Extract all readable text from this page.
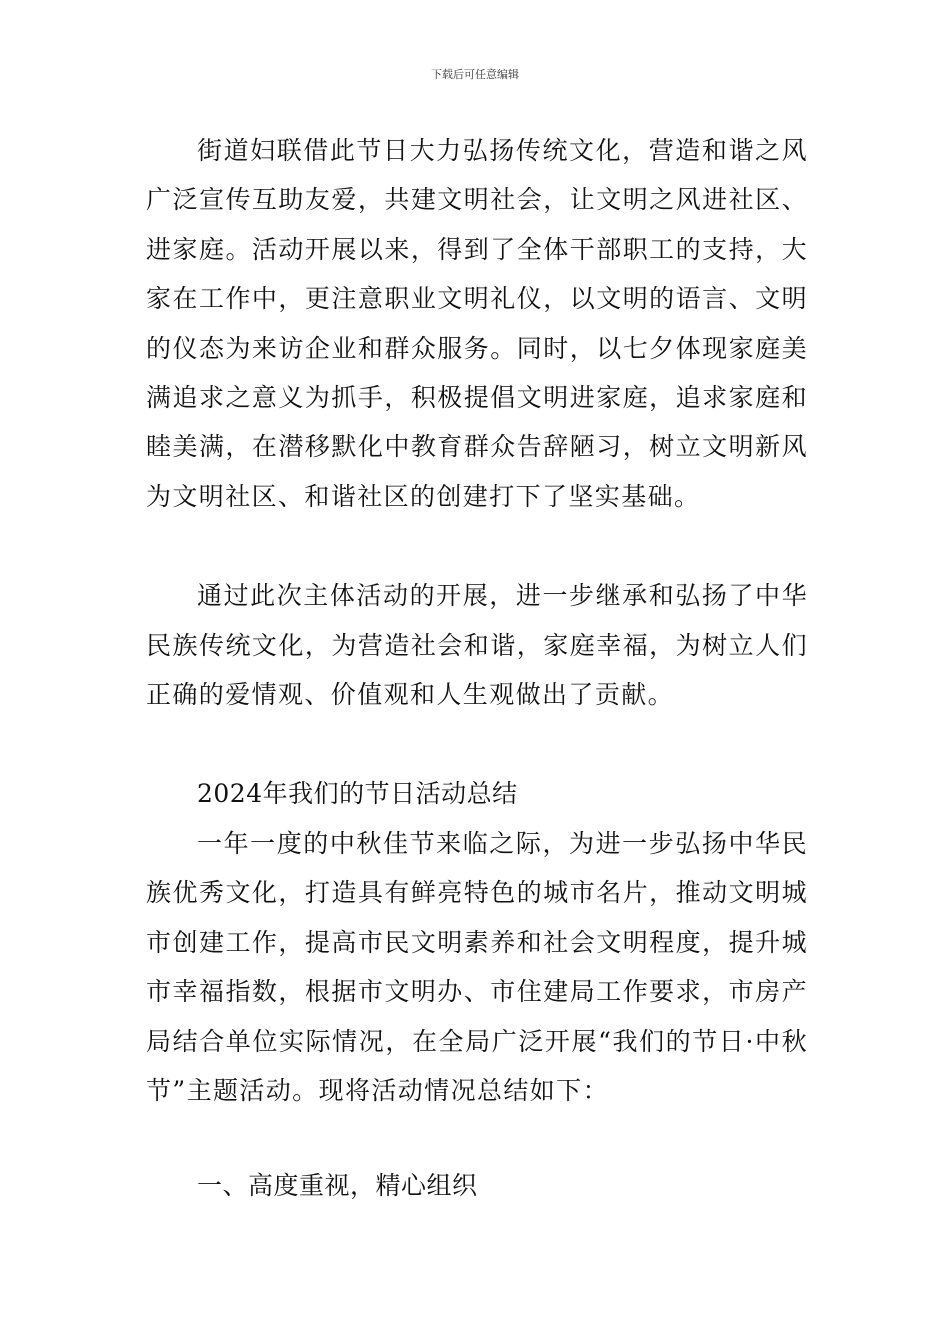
下载后可任意编辑

街道妇联借此节日大力弘扬传统文化，营造和谐之风广泛宣传互助友爱，共建文明社会，让文明之风进社区、进家庭。活动开展以来，得到了全体干部职工的支持，大家在工作中，更注意职业文明礼仪，以文明的语言、文明的仪态为来访企业和群众服务。同时，以七夕体现家庭美满追求之意义为抓手，积极提倡文明进家庭，追求家庭和睦美满，在潜移默化中教育群众告辞陋习，树立文明新风为文明社区、和谐社区的创建打下了坚实基础。

通过此次主体活动的开展，进一步继承和弘扬了中华民族传统文化，为营造社会和谐，家庭幸福，为树立人们正确的爱情观、价值观和人生观做出了贡献。

2024年我们的节日活动总结

一年一度的中秋佳节来临之际，为进一步弘扬中华民族优秀文化，打造具有鲜亮特色的城市名片，推动文明城市创建工作，提高市民文明素养和社会文明程度，提升城市幸福指数，根据市文明办、市住建局工作要求，市房产局结合单位实际情况，在全局广泛开展“我们的节日·中秋节”主题活动。现将活动情况总结如下：

一、高度重视，精心组织
